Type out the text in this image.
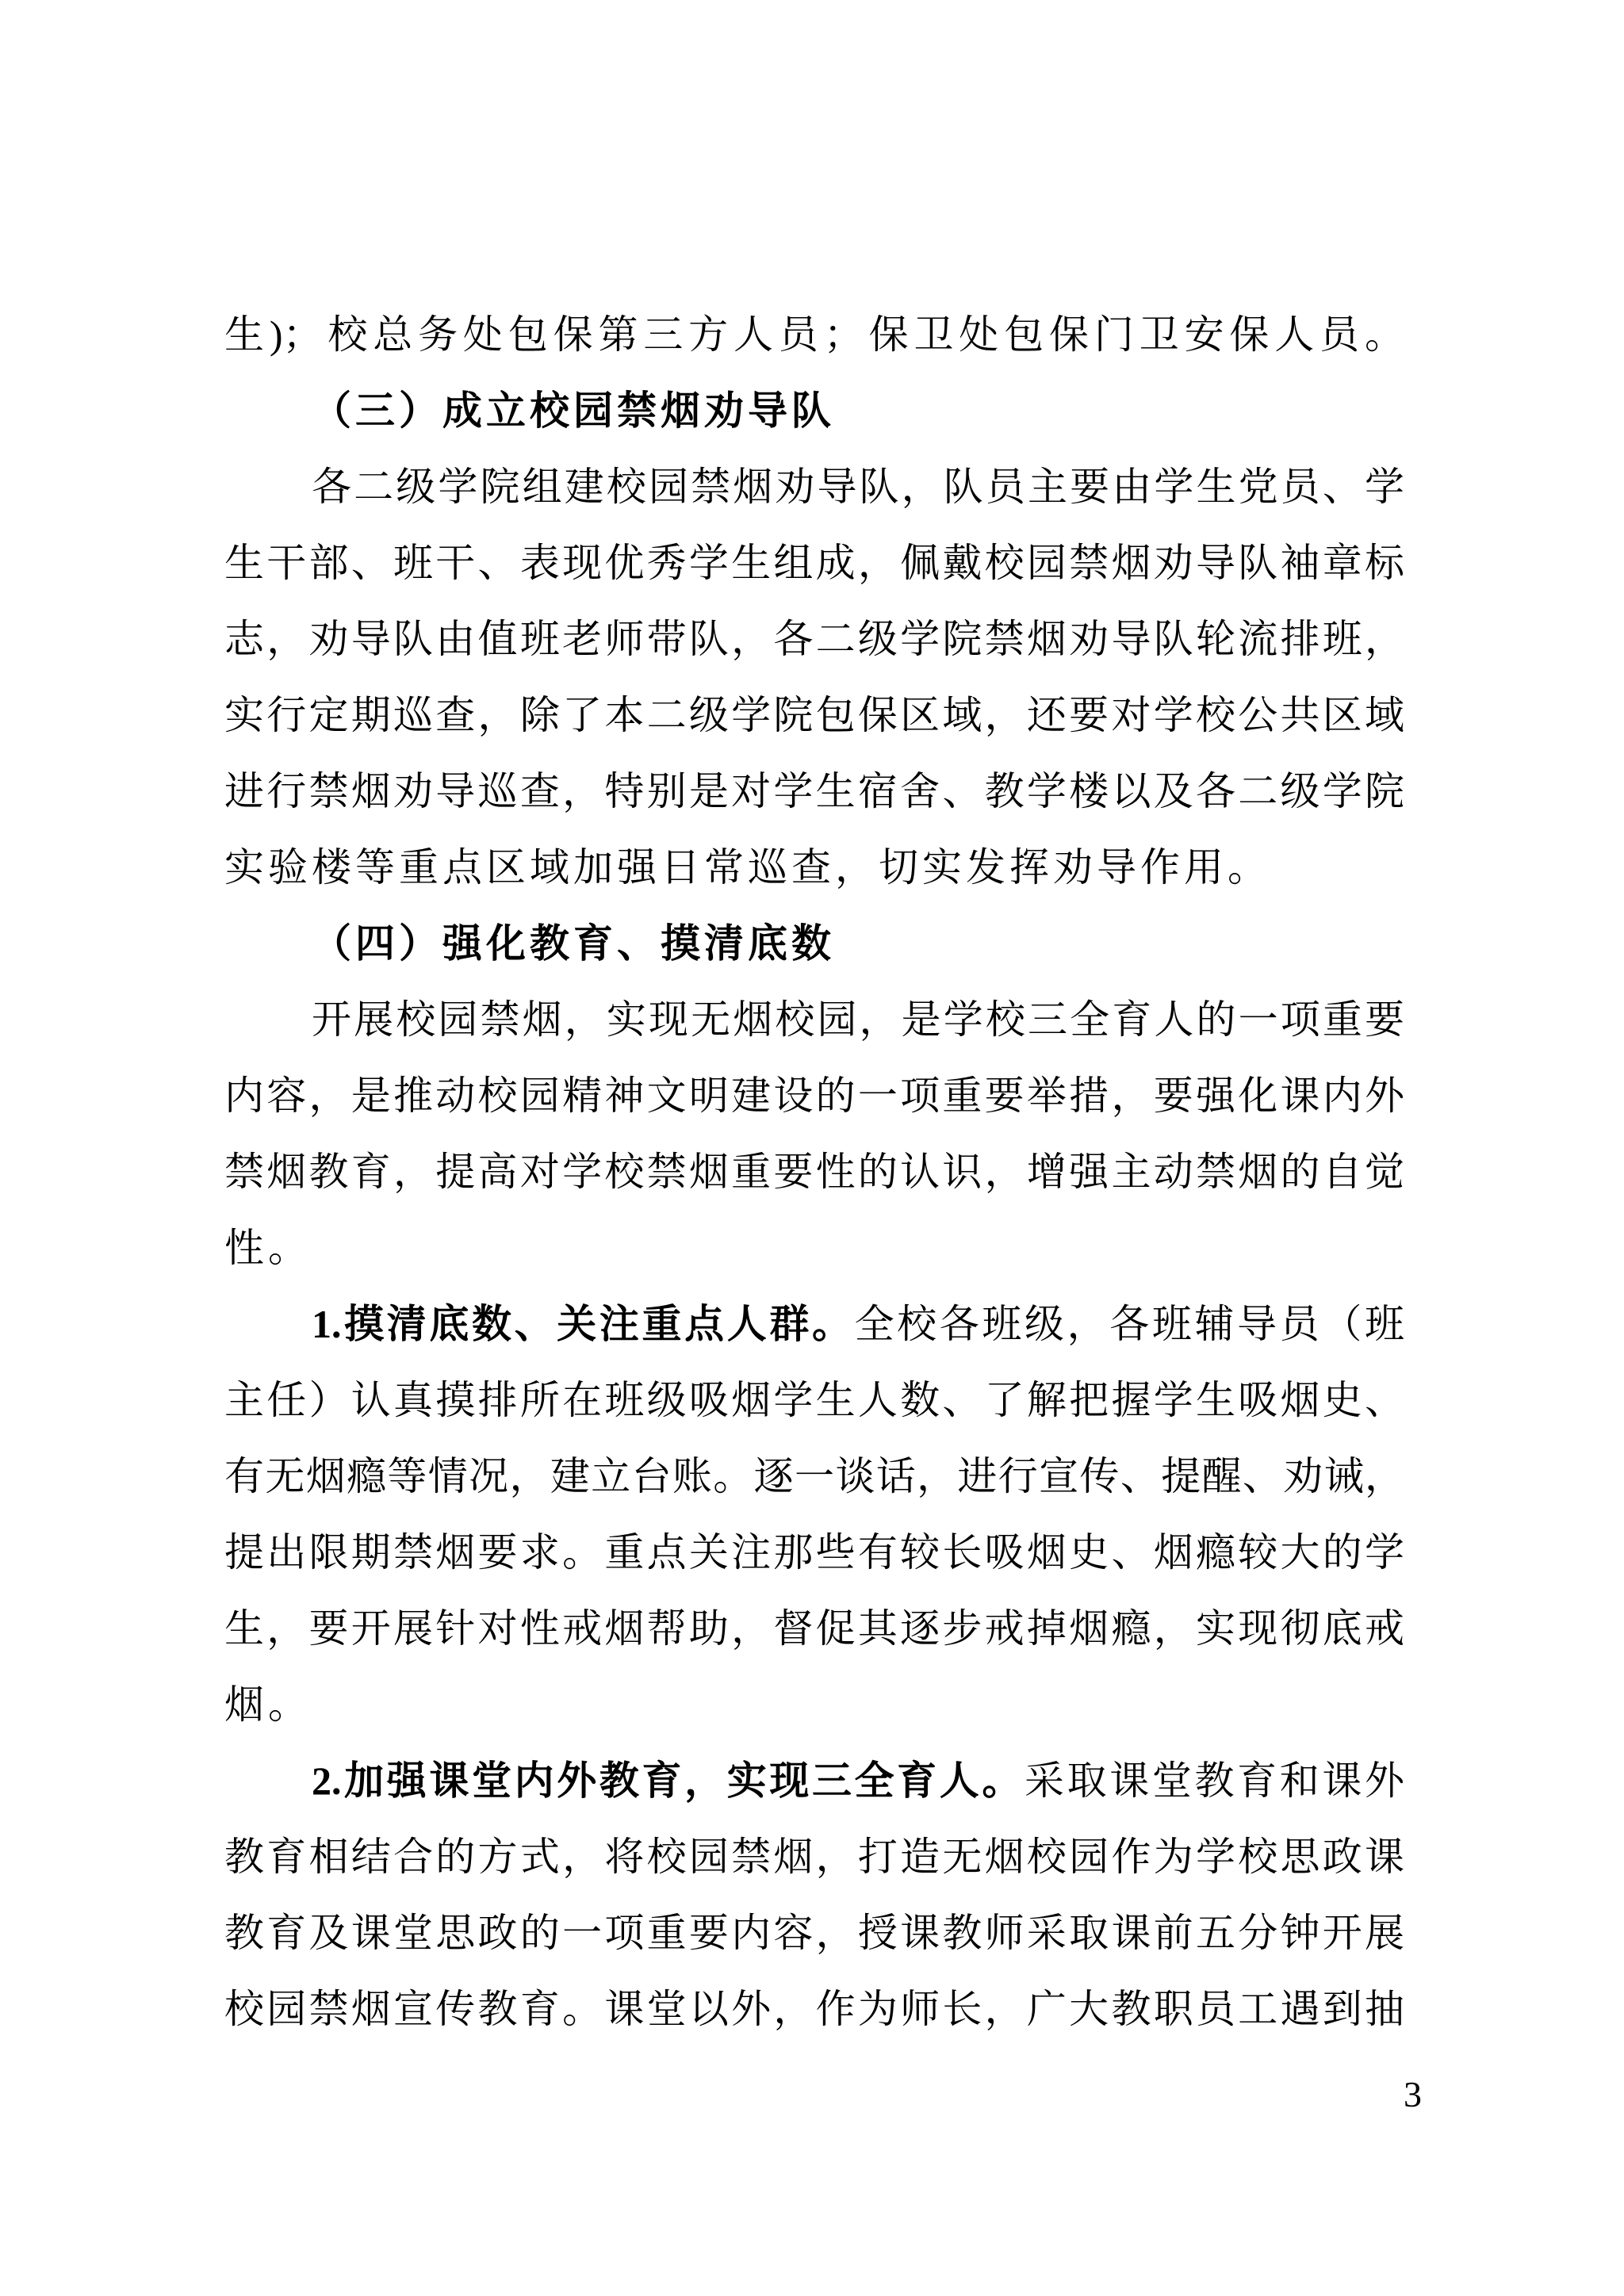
生)；校总务处包保第三方人员；保卫处包保门卫安保人员。
（三）成立校园禁烟劝导队
各二级学院组建校园禁烟劝导队，队员主要由学生党员、学
生干部、班干、表现优秀学生组成，佩戴校园禁烟劝导队袖章标
志，劝导队由值班老师带队，各二级学院禁烟劝导队轮流排班，
实行定期巡查，除了本二级学院包保区域，还要对学校公共区域
进行禁烟劝导巡查，特别是对学生宿舍、教学楼以及各二级学院
实验楼等重点区域加强日常巡查，切实发挥劝导作用。
（四）强化教育、摸清底数
开展校园禁烟，实现无烟校园，是学校三全育人的一项重要
内容，是推动校园精神文明建设的一项重要举措，要强化课内外
禁烟教育，提高对学校禁烟重要性的认识，增强主动禁烟的自觉
性。
1.摸清底数、关注重点人群。全校各班级，各班辅导员（班
主任）认真摸排所在班级吸烟学生人数、了解把握学生吸烟史、
有无烟瘾等情况，建立台账。逐一谈话，进行宣传、提醒、劝诫，
提出限期禁烟要求。重点关注那些有较长吸烟史、烟瘾较大的学
生，要开展针对性戒烟帮助，督促其逐步戒掉烟瘾，实现彻底戒
烟。
2.加强课堂内外教育，实现三全育人。采取课堂教育和课外
教育相结合的方式，将校园禁烟，打造无烟校园作为学校思政课
教育及课堂思政的一项重要内容，授课教师采取课前五分钟开展
校园禁烟宣传教育。课堂以外，作为师长，广大教职员工遇到抽
3
